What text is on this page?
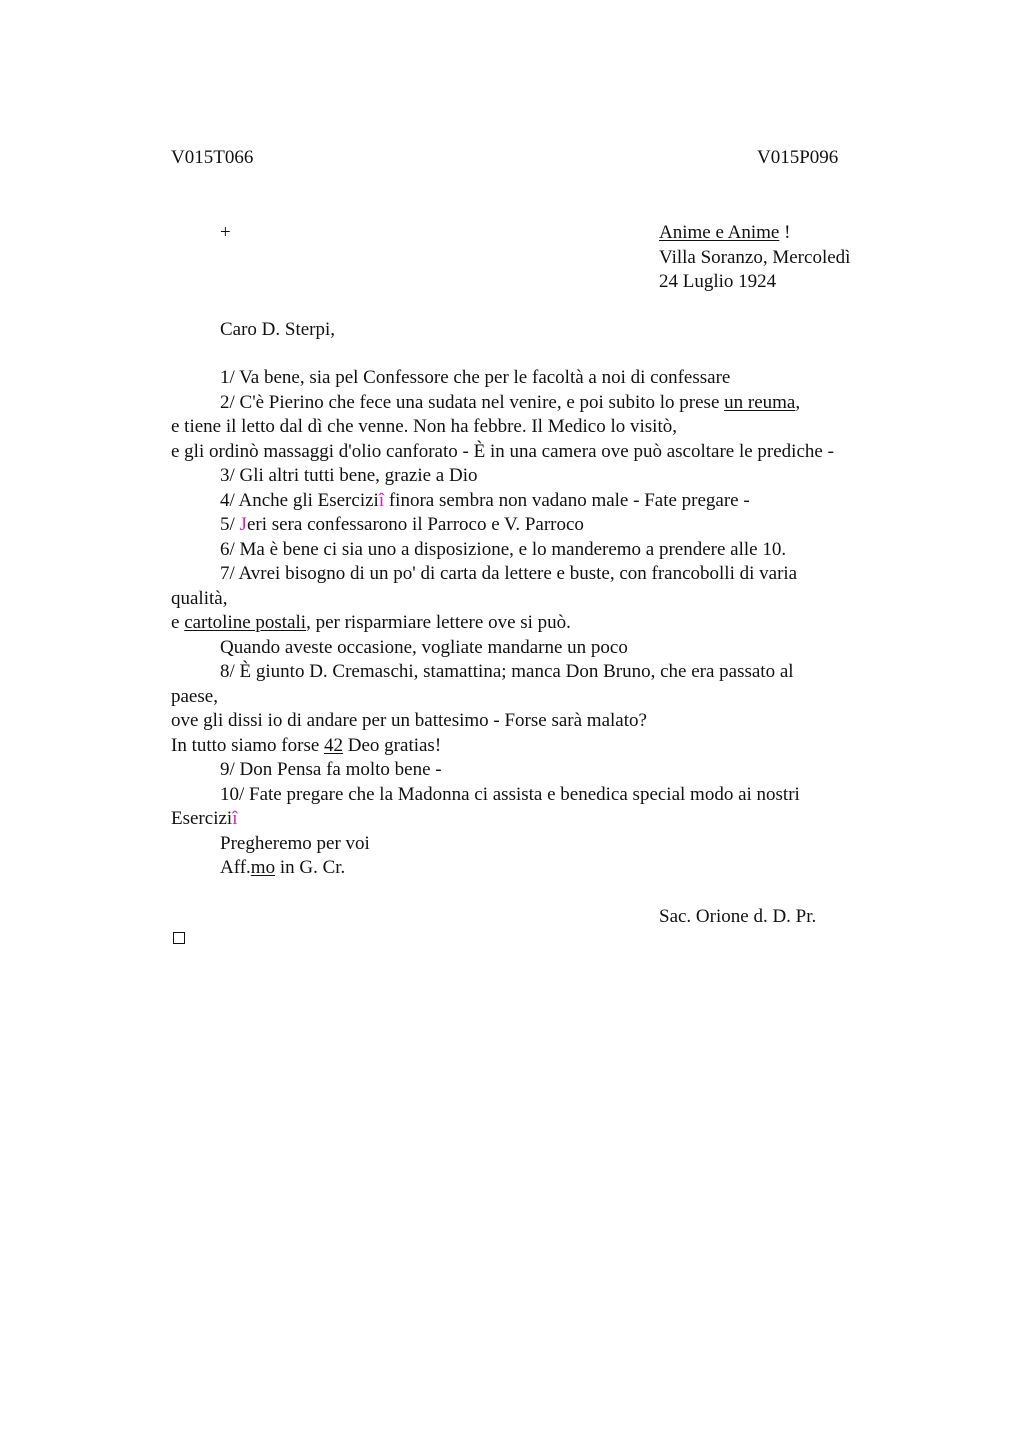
V015T066	V015P096
+	Anime e Anime !
Villa Soranzo, Mercoledì
24 Luglio 1924
Caro D. Sterpi,
1/ Va bene, sia pel Confessore che per le facoltà a noi di confessare
2/ C'è Pierino che fece una sudata nel venire, e poi subito lo prese un reuma,
e tiene il letto dal dì che venne. Non ha febbre. Il Medico lo visitò,
e gli ordinò massaggi d'olio canforato - È in una camera ove può ascoltare le prediche -
3/ Gli altri tutti bene, grazie a Dio
4/ Anche gli Eserciziî finora sembra non vadano male - Fate pregare -
5/ Jeri sera confessarono il Parroco e V. Parroco
6/ Ma è bene ci sia uno a disposizione, e lo manderemo a prendere alle 10.
7/ Avrei bisogno di un po' di carta da lettere e buste, con francobolli di varia
qualità,
e cartoline postali, per risparmiare lettere ove si può.
Quando aveste occasione, vogliate mandarne un poco
8/ È giunto D. Cremaschi, stamattina; manca Don Bruno, che era passato al
paese,
ove gli dissi io di andare per un battesimo - Forse sarà malato?
In tutto siamo forse 42 Deo gratias!
9/ Don Pensa fa molto bene -
10/ Fate pregare che la Madonna ci assista e benedica special modo ai nostri
Eserciziî
Pregheremo per voi
Aff.mo in G. Cr.
Sac. Orione d. D. Pr.
